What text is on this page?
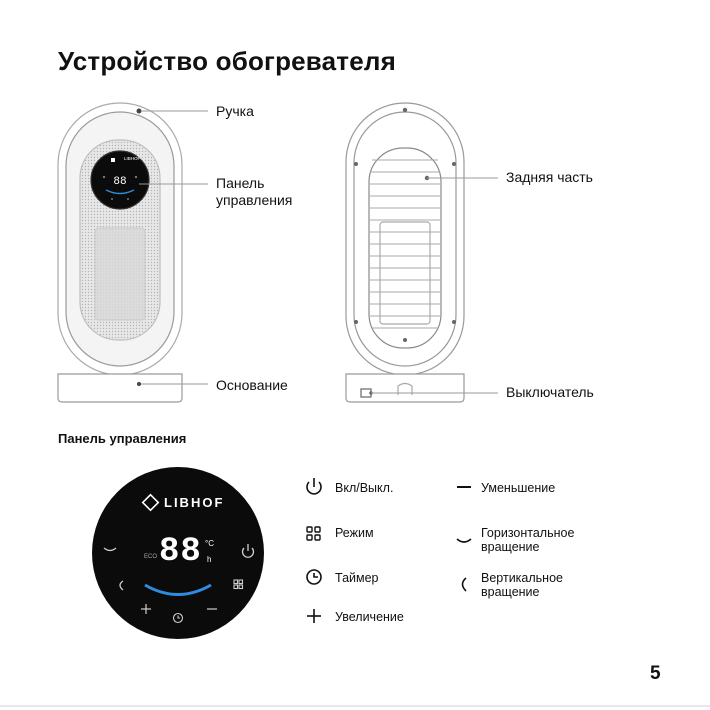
Устройство обогревателя
88
LIBHOF
Ручка
Панель
управления
Основание
Задняя часть
Выключатель
Панель управления
LIBHOF
88
ECO
°C
h
Вкл/Выкл.
Режим
Таймер
Увеличение
Уменьшение
Горизонтальное
вращение
Вертикальное
вращение
5
